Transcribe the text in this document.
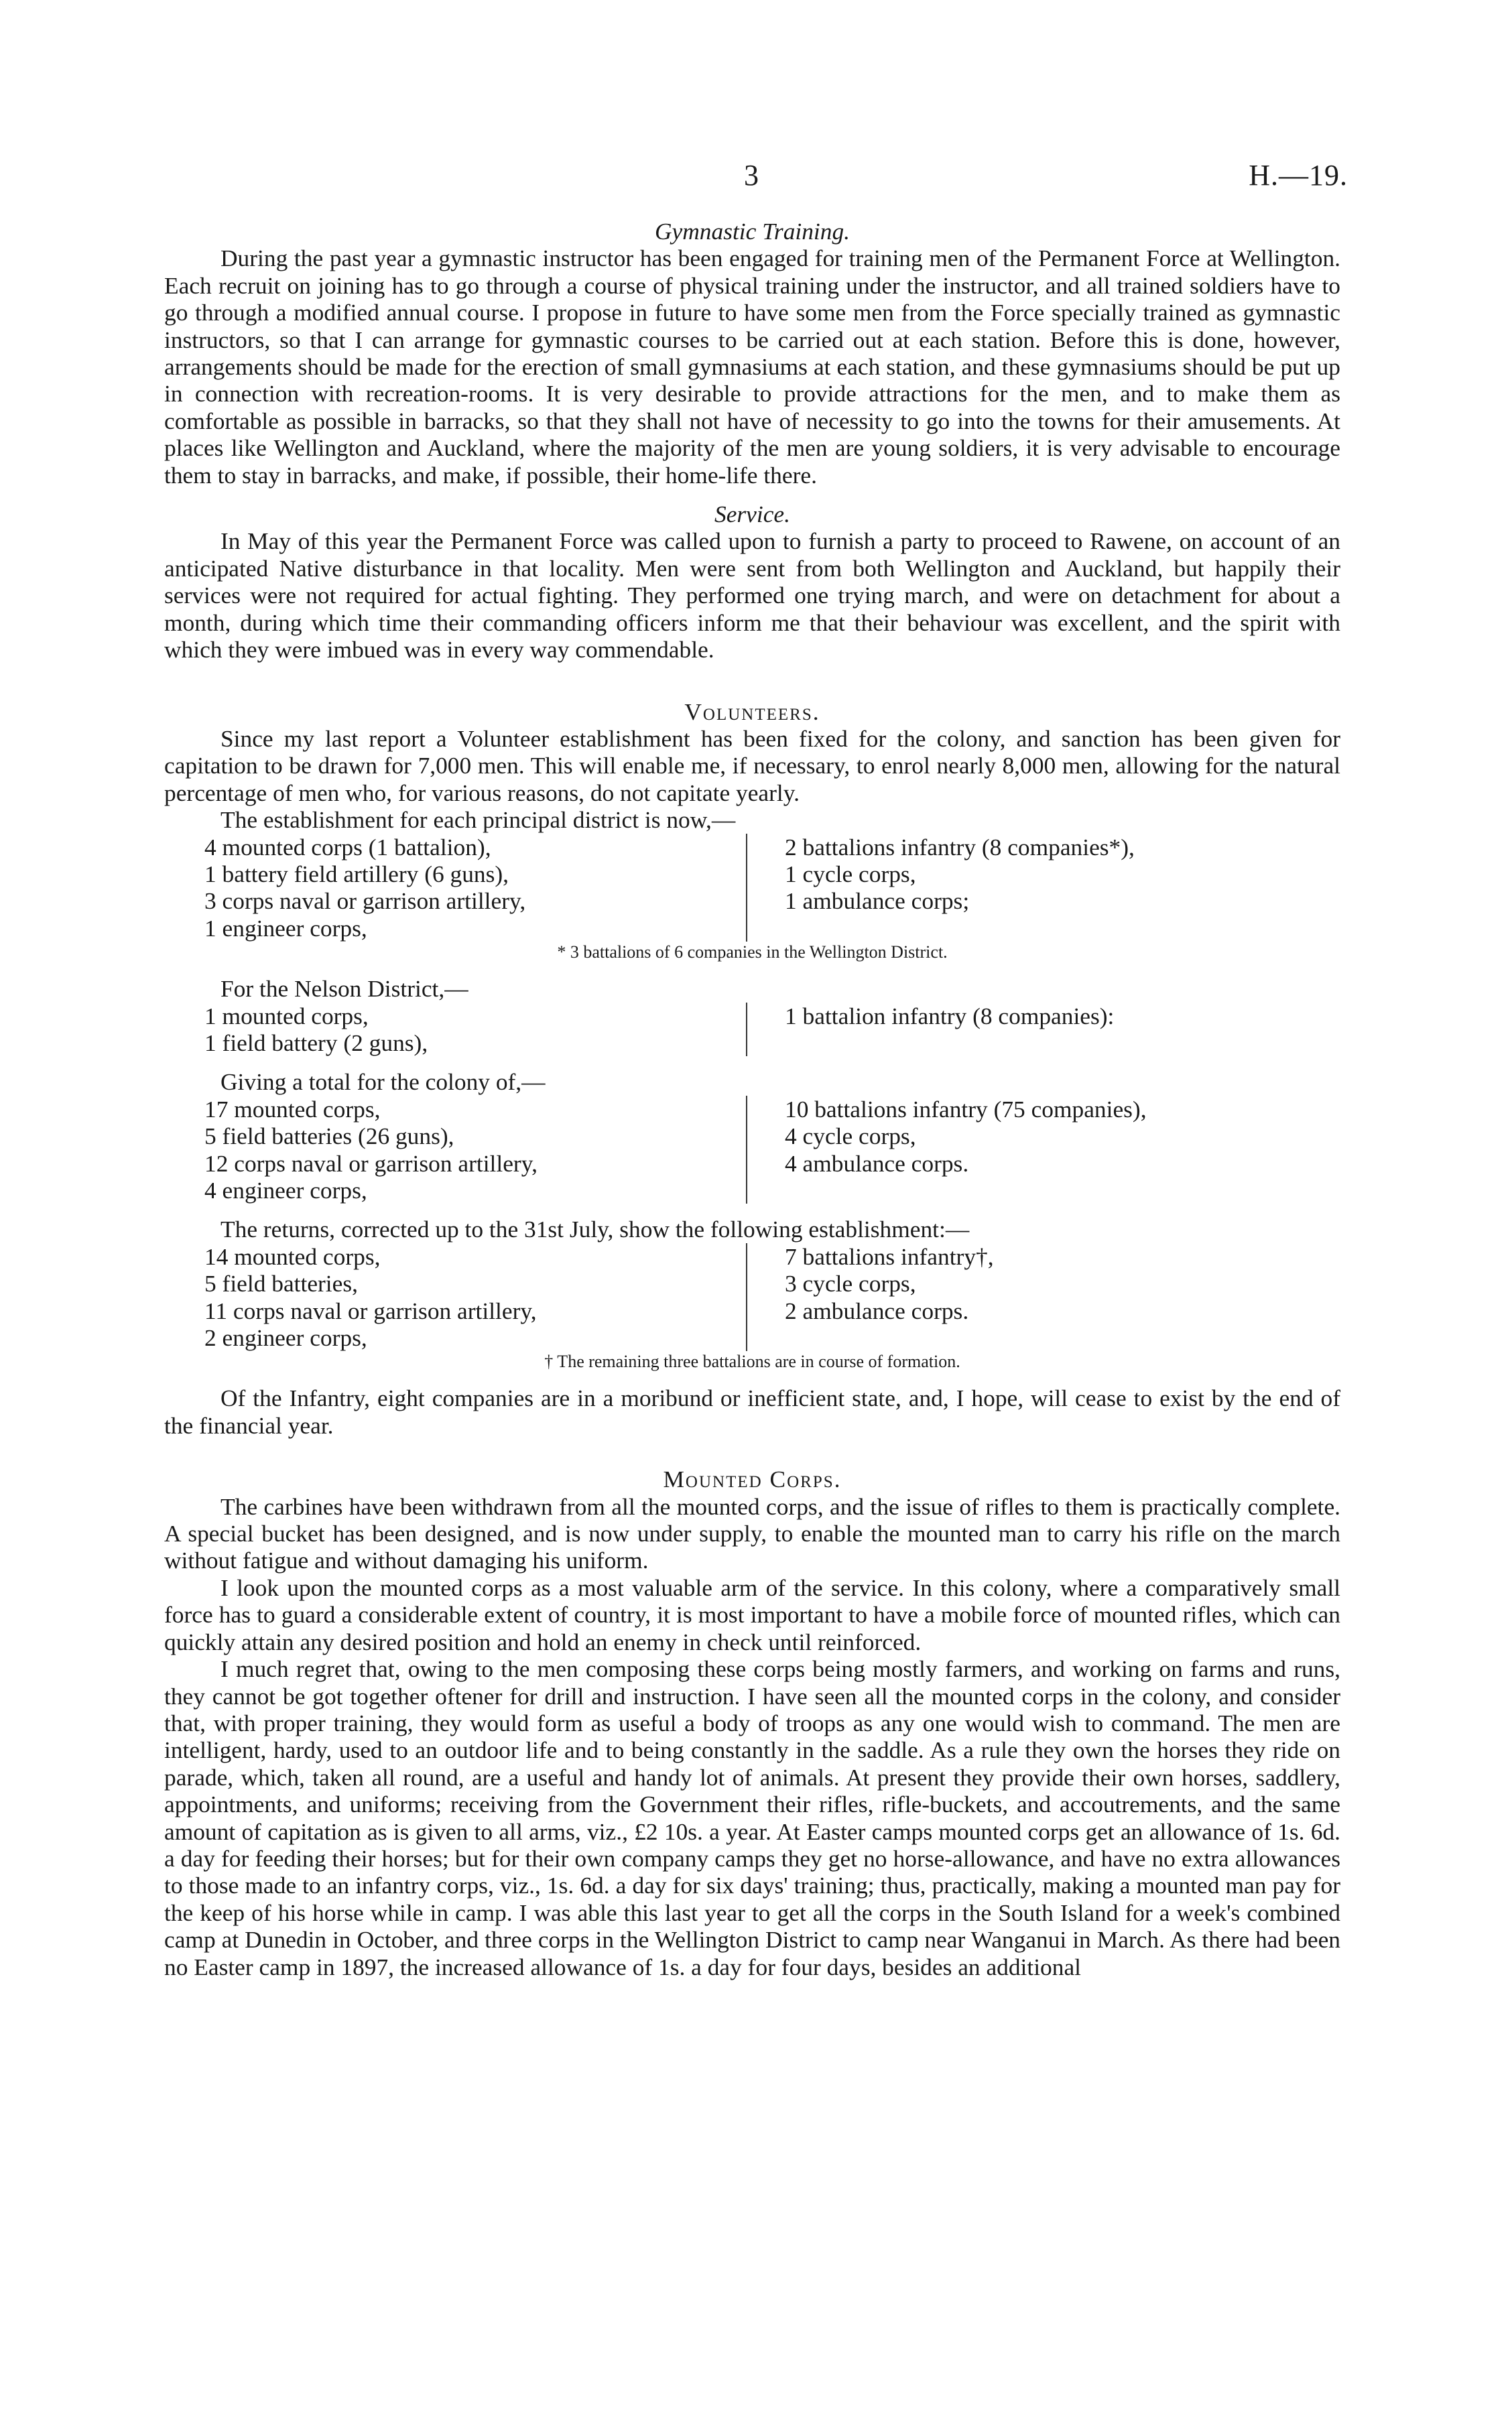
3	H.—19.

Gymnastic Training.

During the past year a gymnastic instructor has been engaged for training men of the Permanent Force at Wellington. Each recruit on joining has to go through a course of physical training under the instructor, and all trained soldiers have to go through a modified annual course. I propose in future to have some men from the Force specially trained as gymnastic instructors, so that I can arrange for gymnastic courses to be carried out at each station. Before this is done, however, arrangements should be made for the erection of small gymnasiums at each station, and these gymnasiums should be put up in connection with recreation-rooms. It is very desirable to provide attractions for the men, and to make them as comfortable as possible in barracks, so that they shall not have of necessity to go into the towns for their amusements. At places like Wellington and Auckland, where the majority of the men are young soldiers, it is very advisable to encourage them to stay in barracks, and make, if possible, their home-life there.

Service.

In May of this year the Permanent Force was called upon to furnish a party to proceed to Rawene, on account of an anticipated Native disturbance in that locality. Men were sent from both Wellington and Auckland, but happily their services were not required for actual fighting. They performed one trying march, and were on detachment for about a month, during which time their commanding officers inform me that their behaviour was excellent, and the spirit with which they were imbued was in every way commendable.

Volunteers.

Since my last report a Volunteer establishment has been fixed for the colony, and sanction has been given for capitation to be drawn for 7,000 men. This will enable me, if necessary, to enrol nearly 8,000 men, allowing for the natural percentage of men who, for various reasons, do not capitate yearly.

The establishment for each principal district is now,—

4 mounted corps (1 battalion),
1 battery field artillery (6 guns),
3 corps naval or garrison artillery,
1 engineer corps,
2 battalions infantry (8 companies*),
1 cycle corps,
1 ambulance corps;

* 3 battalions of 6 companies in the Wellington District.

For the Nelson District,—

1 mounted corps,
1 field battery (2 guns),
1 battalion infantry (8 companies):

Giving a total for the colony of,—

17 mounted corps,
5 field batteries (26 guns),
12 corps naval or garrison artillery,
4 engineer corps,
10 battalions infantry (75 companies),
4 cycle corps,
4 ambulance corps.

The returns, corrected up to the 31st July, show the following establishment:—

14 mounted corps,
5 field batteries,
11 corps naval or garrison artillery,
2 engineer corps,
7 battalions infantry†,
3 cycle corps,
2 ambulance corps.

† The remaining three battalions are in course of formation.

Of the Infantry, eight companies are in a moribund or inefficient state, and, I hope, will cease to exist by the end of the financial year.

Mounted Corps.

The carbines have been withdrawn from all the mounted corps, and the issue of rifles to them is practically complete. A special bucket has been designed, and is now under supply, to enable the mounted man to carry his rifle on the march without fatigue and without damaging his uniform.

I look upon the mounted corps as a most valuable arm of the service. In this colony, where a comparatively small force has to guard a considerable extent of country, it is most important to have a mobile force of mounted rifles, which can quickly attain any desired position and hold an enemy in check until reinforced.

I much regret that, owing to the men composing these corps being mostly farmers, and working on farms and runs, they cannot be got together oftener for drill and instruction. I have seen all the mounted corps in the colony, and consider that, with proper training, they would form as useful a body of troops as any one would wish to command. The men are intelligent, hardy, used to an outdoor life and to being constantly in the saddle. As a rule they own the horses they ride on parade, which, taken all round, are a useful and handy lot of animals. At present they provide their own horses, saddlery, appointments, and uniforms; receiving from the Government their rifles, rifle-buckets, and accoutrements, and the same amount of capitation as is given to all arms, viz., £2 10s. a year. At Easter camps mounted corps get an allowance of 1s. 6d. a day for feeding their horses; but for their own company camps they get no horse-allowance, and have no extra allowances to those made to an infantry corps, viz., 1s. 6d. a day for six days' training; thus, practically, making a mounted man pay for the keep of his horse while in camp. I was able this last year to get all the corps in the South Island for a week's combined camp at Dunedin in October, and three corps in the Wellington District to camp near Wanganui in March. As there had been no Easter camp in 1897, the increased allowance of 1s. a day for four days, besides an additional
